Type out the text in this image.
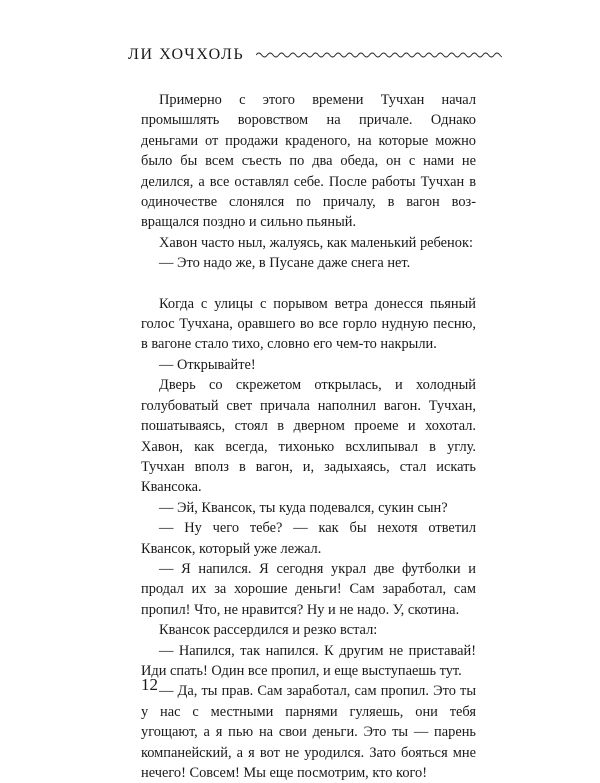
ЛИ ХОЧХОЛЬ

Примерно с этого времени Тучхан начал промышлять воровством на причале. Однако деньгами от продажи краденого, на которые можно было бы всем съесть по два обеда, он с нами не делился, а все оставлял себе. После работы Тучхан в одиночестве слонялся по причалу, в вагон возвращался поздно и сильно пьяный.

Хавон часто ныл, жалуясь, как маленький ребенок:

— Это надо же, в Пусане даже снега нет.

Когда с улицы с порывом ветра донесся пьяный голос Тучхана, оравшего во все горло нудную песню, в вагоне стало тихо, словно его чем-то накрыли.

— Открывайте!

Дверь со скрежетом открылась, и холодный голубоватый свет причала наполнил вагон. Тучхан, пошатываясь, стоял в дверном проеме и хохотал. Хавон, как всегда, тихонько всхлипывал в углу. Тучхан вполз в вагон, и, задыхаясь, стал искать Квансока.

— Эй, Квансок, ты куда подевался, сукин сын?

— Ну чего тебе? — как бы нехотя ответил Квансок, который уже лежал.

— Я напился. Я сегодня украл две футболки и продал их за хорошие деньги! Сам заработал, сам пропил! Что, не нравится? Ну и не надо. У, скотина.

Квансок рассердился и резко встал:

— Напился, так напился. К другим не приставай! Иди спать! Один все пропил, и еще выступаешь тут.

— Да, ты прав. Сам заработал, сам пропил. Это ты у нас с местными парнями гуляешь, они тебя угощают, а я пью на свои деньги. Это ты — парень компанейский, а я вот не уродился. Зато бояться мне нечего! Совсем! Мы еще посмотрим, кто кого!

12
